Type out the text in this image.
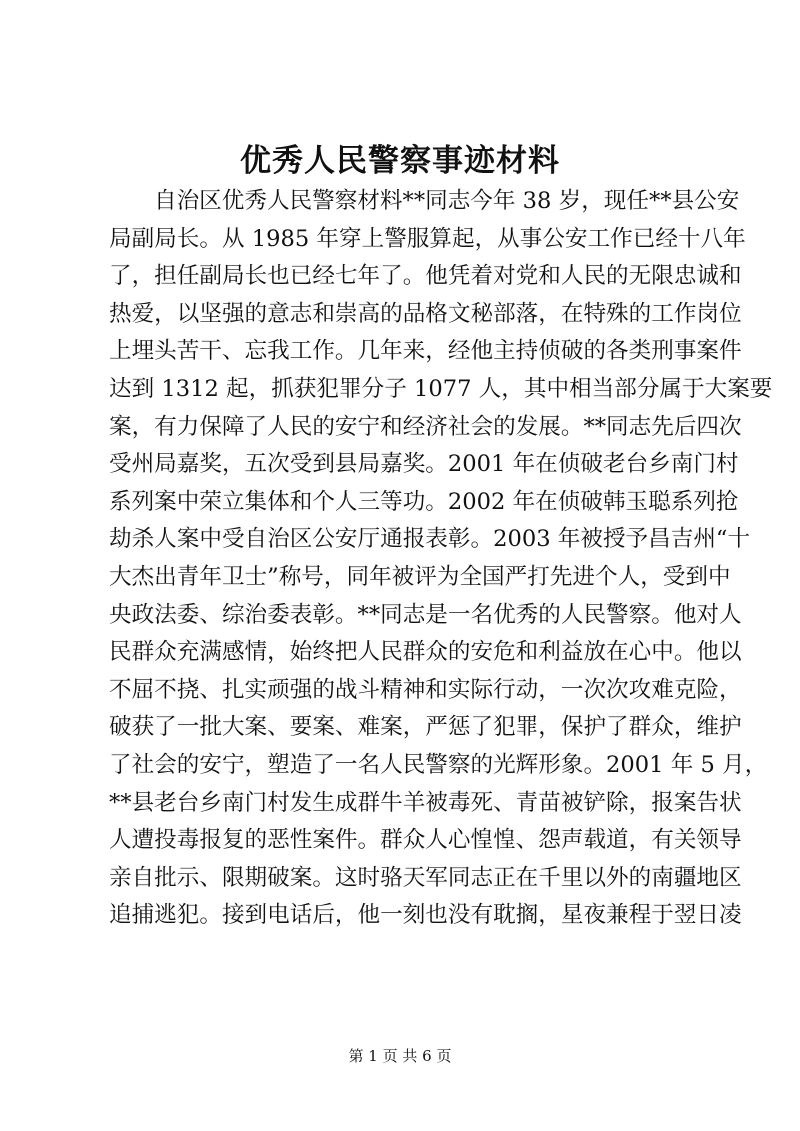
优秀人民警察事迹材料
自治区优秀人民警察材料**同志今年 38 岁，现任**县公安
局副局长。从 1985 年穿上警服算起，从事公安工作已经十八年
了，担任副局长也已经七年了。他凭着对党和人民的无限忠诚和
热爱，以坚强的意志和崇高的品格文秘部落，在特殊的工作岗位
上埋头苦干、忘我工作。几年来，经他主持侦破的各类刑事案件
达到 1312 起，抓获犯罪分子 1077 人，其中相当部分属于大案要
案，有力保障了人民的安宁和经济社会的发展。**同志先后四次
受州局嘉奖，五次受到县局嘉奖。2001 年在侦破老台乡南门村
系列案中荣立集体和个人三等功。2002 年在侦破韩玉聪系列抢
劫杀人案中受自治区公安厅通报表彰。2003 年被授予昌吉州“十
大杰出青年卫士”称号，同年被评为全国严打先进个人，受到中
央政法委、综治委表彰。**同志是一名优秀的人民警察。他对人
民群众充满感情，始终把人民群众的安危和利益放在心中。他以
不屈不挠、扎实顽强的战斗精神和实际行动，一次次攻难克险，
破获了一批大案、要案、难案，严惩了犯罪，保护了群众，维护
了社会的安宁，塑造了一名人民警察的光辉形象。2001 年 5 月，
**县老台乡南门村发生成群牛羊被毒死、青苗被铲除，报案告状
人遭投毒报复的恶性案件。群众人心惶惶、怨声载道，有关领导
亲自批示、限期破案。这时骆天军同志正在千里以外的南疆地区
追捕逃犯。接到电话后，他一刻也没有耽搁，星夜兼程于翌日凌
第 1 页 共 6 页
